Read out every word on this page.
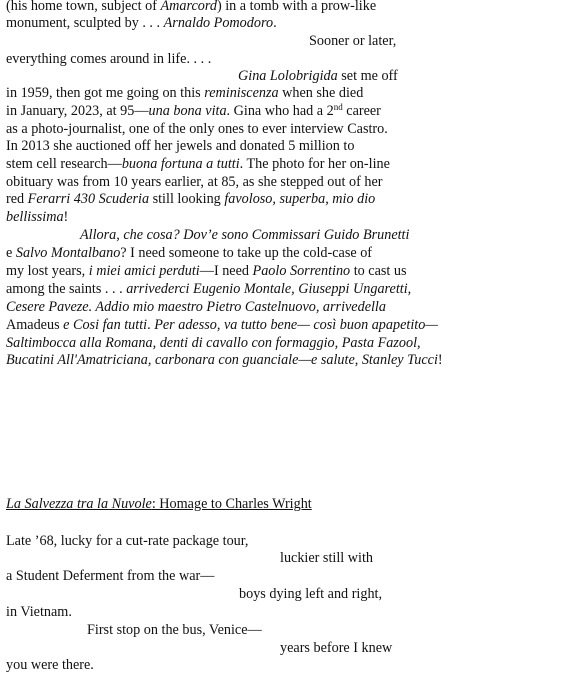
(his home town, subject of Amarcord) in a tomb with a prow-like
monument, sculpted by . . . Arnaldo Pomodoro.
Sooner or later,
everything comes around in life. . . .
Gina Lolobrigida set me off
in 1959, then got me going on this reminiscenza when she died
in January, 2023, at 95—una bona vita. Gina who had a 2nd career
as a photo-journalist, one of the only ones to ever interview Castro.
In 2013 she auctioned off her jewels and donated 5 million to
stem cell research—buona fortuna a tutti. The photo for her on-line
obituary was from 10 years earlier, at 85, as she stepped out of her
red Ferarri 430 Scuderia still looking favoloso, superba, mio dio
bellissima!
Allora, che cosa? Dov’e sono Commissari Guido Brunetti
e Salvo Montalbano? I need someone to take up the cold-case of
my lost years, i miei amici perduti—I need Paolo Sorrentino to cast us
among the saints . . . arrivederci Eugenio Montale, Giuseppi Ungaretti,
Cesere Paveze. Addio mio maestro Pietro Castelnuovo, arrivedella
Amadeus e Cosi fan tutti. Per adesso, va tutto bene— così buon apapetito—
Saltimbocca alla Romana, denti di cavallo con formaggio, Pasta Fazool,
Bucatini All'Amatriciana, carbonara con guanciale—e salute, Stanley Tucci!
La Salvezza tra la Nuvole: Homage to Charles Wright
Late ’68, lucky for a cut-rate package tour,
luckier still with
a Student Deferment from the war—
boys dying left and right,
in Vietnam.
First stop on the bus, Venice—
years before I knew
you were there.
